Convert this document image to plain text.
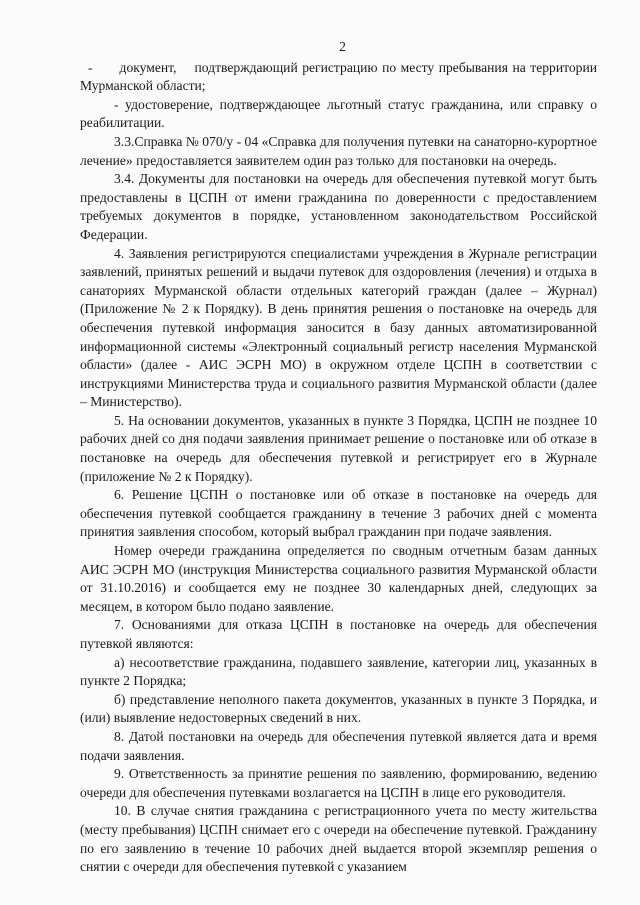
2

-      документ,    подтверждающий регистрацию по месту пребывания на территории Мурманской области;

- удостоверение, подтверждающее льготный статус гражданина, или справку о реабилитации.

3.3.Справка № 070/у - 04 «Справка для получения путевки на санаторно-курортное лечение» предоставляется заявителем один раз только для постановки на очередь.

3.4. Документы для постановки на очередь для обеспечения путевкой могут быть предоставлены в ЦСПН от имени гражданина по доверенности с предоставлением требуемых документов в порядке, установленном законодательством Российской Федерации.

4. Заявления регистрируются специалистами учреждения в Журнале регистрации заявлений, принятых решений и выдачи путевок для оздоровления (лечения) и отдыха в санаториях Мурманской области отдельных категорий граждан (далее – Журнал) (Приложение № 2 к Порядку). В день принятия решения о постановке на очередь для обеспечения путевкой информация заносится в базу данных автоматизированной информационной системы «Электронный социальный регистр населения Мурманской области» (далее - АИС ЭСРН МО) в окружном отделе ЦСПН в соответствии с инструкциями Министерства труда и социального развития Мурманской области (далее – Министерство).

5. На основании документов, указанных в пункте 3 Порядка, ЦСПН не позднее 10 рабочих дней со дня подачи заявления принимает решение о постановке или об отказе в постановке на очередь для обеспечения путевкой и регистрирует его в Журнале (приложение № 2 к Порядку).

6. Решение ЦСПН о постановке или об отказе в постановке на очередь для обеспечения путевкой сообщается гражданину в течение 3 рабочих дней с момента принятия заявления способом, который выбрал гражданин при подаче заявления.

Номер очереди гражданина определяется по сводным отчетным базам данных АИС ЭСРН МО (инструкция Министерства социального развития Мурманской области от 31.10.2016) и сообщается ему не позднее 30 календарных дней, следующих за месяцем, в котором было подано заявление.

7. Основаниями для отказа ЦСПН в постановке на очередь для обеспечения путевкой являются:

а) несоответствие гражданина, подавшего заявление, категории лиц, указанных в пункте 2 Порядка;

б) представление неполного пакета документов, указанных в пункте 3 Порядка, и (или) выявление недостоверных сведений в них.

8. Датой постановки на очередь для обеспечения путевкой является дата и время подачи заявления.

9. Ответственность за принятие решения по заявлению, формированию, ведению очереди для обеспечения путевками возлагается на ЦСПН в лице его руководителя.

10. В случае снятия гражданина с регистрационного учета по месту жительства (месту пребывания) ЦСПН снимает его с очереди на обеспечение путевкой. Гражданину по его заявлению в течение 10 рабочих дней выдается второй экземпляр решения о снятии с очереди для обеспечения путевкой с указанием
